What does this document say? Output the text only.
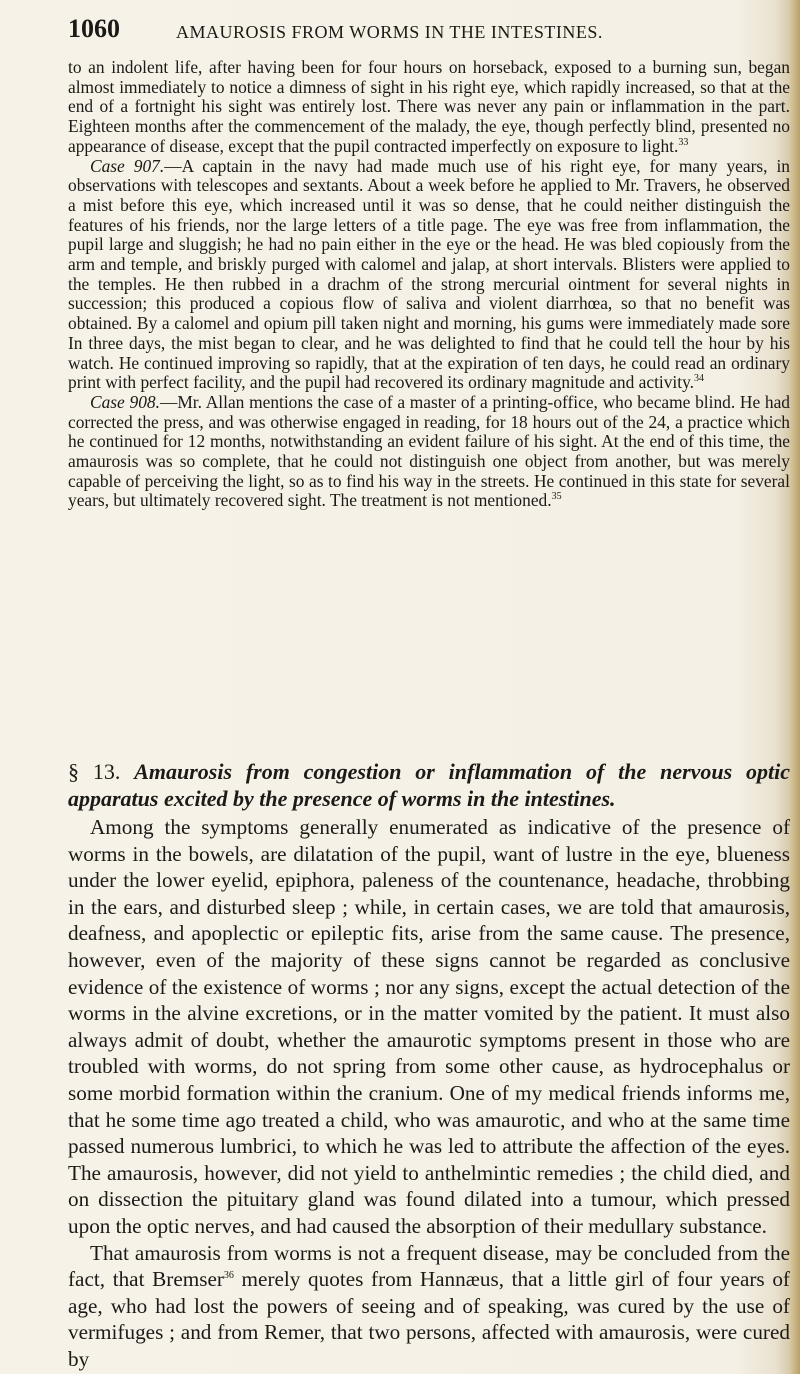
1060	AMAUROSIS FROM WORMS IN THE INTESTINES.

to an indolent life, after having been for four hours on horseback, exposed to a burning sun, began almost immediately to notice a dimness of sight in his right eye, which rapidly increased, so that at the end of a fortnight his sight was entirely lost. There was never any pain or inflammation in the part. Eighteen months after the commencement of the malady, the eye, though perfectly blind, presented no appearance of disease, except that the pupil contracted imperfectly on exposure to light.$^{33}$

Case 907.—A captain in the navy had made much use of his right eye, for many years, in observations with telescopes and sextants. About a week before he applied to Mr. Travers, he observed a mist before this eye, which increased until it was so dense, that he could neither distinguish the features of his friends, nor the large letters of a title page. The eye was free from inflammation, the pupil large and sluggish; he had no pain either in the eye or the head. He was bled copiously from the arm and temple, and briskly purged with calomel and jalap, at short intervals. Blisters were applied to the temples. He then rubbed in a drachm of the strong mercurial ointment for several nights in succession; this produced a copious flow of saliva and violent diarrhœa, so that no benefit was obtained. By a calomel and opium pill taken night and morning, his gums were immediately made sore In three days, the mist began to clear, and he was delighted to find that he could tell the hour by his watch. He continued improving so rapidly, that at the expiration of ten days, he could read an ordinary print with perfect facility, and the pupil had recovered its ordinary magnitude and activity.$^{34}$

Case 908.—Mr. Allan mentions the case of a master of a printing-office, who became blind. He had corrected the press, and was otherwise engaged in reading, for 18 hours out of the 24, a practice which he continued for 12 months, notwithstanding an evident failure of his sight. At the end of this time, the amaurosis was so complete, that he could not distinguish one object from another, but was merely capable of perceiving the light, so as to find his way in the streets. He continued in this state for several years, but ultimately recovered sight. The treatment is not mentioned.$^{35}$

§ 13. Amaurosis from congestion or inflammation of the nervous optic apparatus excited by the presence of worms in the intestines.

Among the symptoms generally enumerated as indicative of the presence of worms in the bowels, are dilatation of the pupil, want of lustre in the eye, blueness under the lower eyelid, epiphora, paleness of the countenance, headache, throbbing in the ears, and disturbed sleep ; while, in certain cases, we are told that amaurosis, deafness, and apoplectic or epileptic fits, arise from the same cause. The presence, however, even of the majority of these signs cannot be regarded as conclusive evidence of the existence of worms ; nor any signs, except the actual detection of the worms in the alvine excretions, or in the matter vomited by the patient. It must also always admit of doubt, whether the amaurotic symptoms present in those who are troubled with worms, do not spring from some other cause, as hydrocephalus or some morbid formation within the cranium. One of my medical friends informs me, that he some time ago treated a child, who was amaurotic, and who at the same time passed numerous lumbrici, to which he was led to attribute the affection of the eyes. The amaurosis, however, did not yield to anthelmintic remedies ; the child died, and on dissection the pituitary gland was found dilated into a tumour, which pressed upon the optic nerves, and had caused the absorption of their medullary substance.

That amaurosis from worms is not a frequent disease, may be concluded from the fact, that Bremser$^{36}$ merely quotes from Hannæus, that a little girl of four years of age, who had lost the powers of seeing and of speaking, was cured by the use of vermifuges ; and from Remer, that two persons, affected with amaurosis, were cured by
